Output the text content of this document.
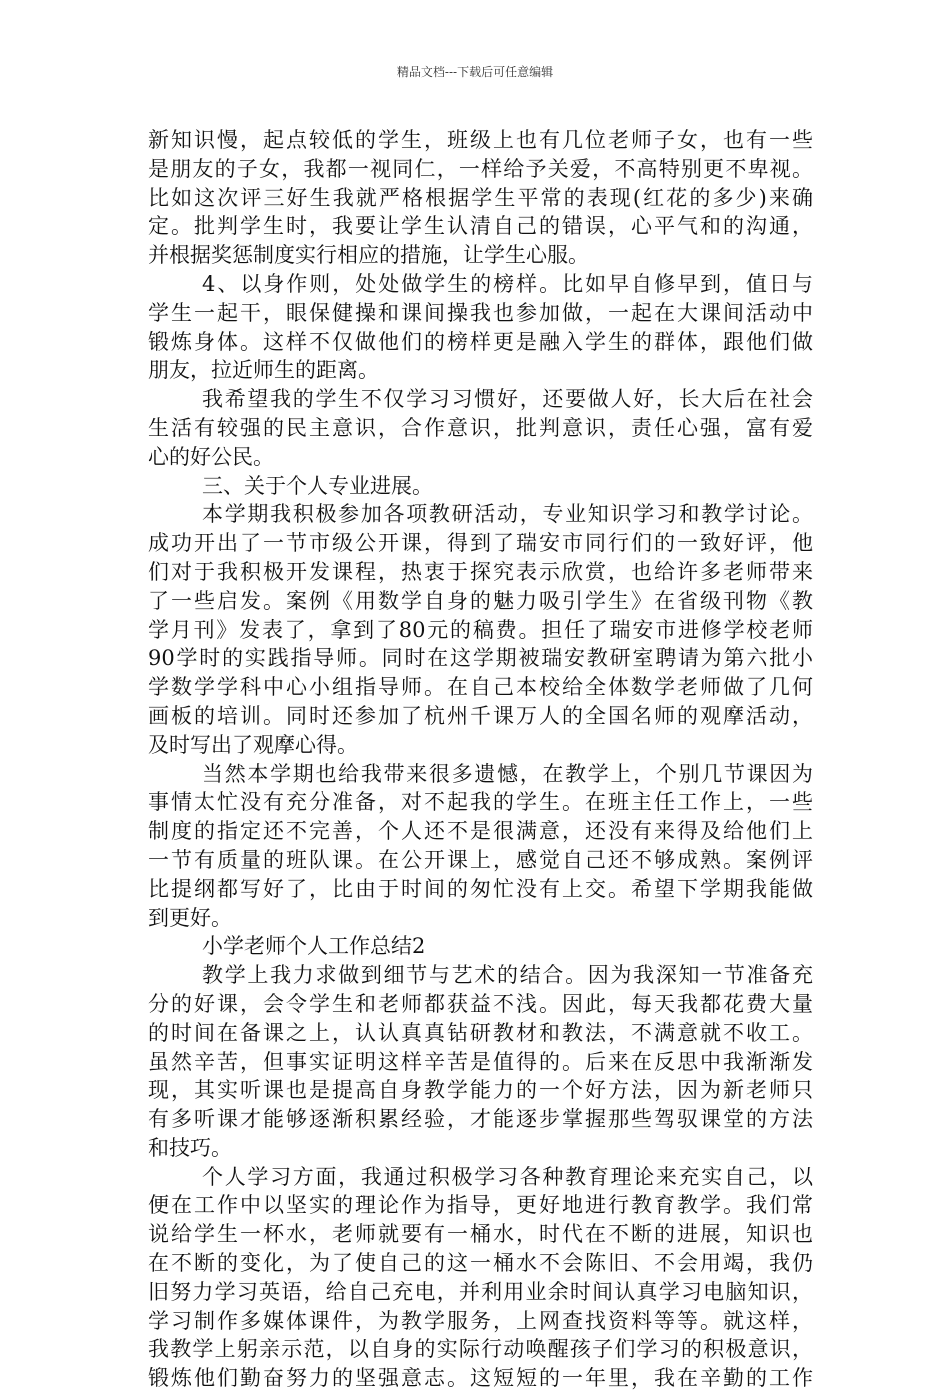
精品文档---下载后可任意编辑
新知识慢，起点较低的学生，班级上也有几位老师子女，也有一些
是朋友的子女，我都一视同仁，一样给予关爱，不高特别更不卑视。
比如这次评三好生我就严格根据学生平常的表现(红花的多少)来确
定。批判学生时，我要让学生认清自己的错误，心平气和的沟通，
并根据奖惩制度实行相应的措施，让学生心服。
4、以身作则，处处做学生的榜样。比如早自修早到，值日与
学生一起干，眼保健操和课间操我也参加做，一起在大课间活动中
锻炼身体。这样不仅做他们的榜样更是融入学生的群体，跟他们做
朋友，拉近师生的距离。
我希望我的学生不仅学习习惯好，还要做人好，长大后在社会
生活有较强的民主意识，合作意识，批判意识，责任心强，富有爱
心的好公民。
三、关于个人专业进展。
本学期我积极参加各项教研活动，专业知识学习和教学讨论。
成功开出了一节市级公开课，得到了瑞安市同行们的一致好评，他
们对于我积极开发课程，热衷于探究表示欣赏，也给许多老师带来
了一些启发。案例《用数学自身的魅力吸引学生》在省级刊物《教
学月刊》发表了，拿到了80元的稿费。担任了瑞安市进修学校老师
90学时的实践指导师。同时在这学期被瑞安教研室聘请为第六批小
学数学学科中心小组指导师。在自己本校给全体数学老师做了几何
画板的培训。同时还参加了杭州千课万人的全国名师的观摩活动，
及时写出了观摩心得。
当然本学期也给我带来很多遗憾，在教学上，个别几节课因为
事情太忙没有充分准备，对不起我的学生。在班主任工作上，一些
制度的指定还不完善，个人还不是很满意，还没有来得及给他们上
一节有质量的班队课。在公开课上，感觉自己还不够成熟。案例评
比提纲都写好了，比由于时间的匆忙没有上交。希望下学期我能做
到更好。
小学老师个人工作总结2
教学上我力求做到细节与艺术的结合。因为我深知一节准备充
分的好课，会令学生和老师都获益不浅。因此，每天我都花费大量
的时间在备课之上，认认真真钻研教材和教法，不满意就不收工。
虽然辛苦，但事实证明这样辛苦是值得的。后来在反思中我渐渐发
现，其实听课也是提高自身教学能力的一个好方法，因为新老师只
有多听课才能够逐渐积累经验，才能逐步掌握那些驾驭课堂的方法
和技巧。
个人学习方面，我通过积极学习各种教育理论来充实自己，以
便在工作中以坚实的理论作为指导，更好地进行教育教学。我们常
说给学生一杯水，老师就要有一桶水，时代在不断的进展，知识也
在不断的变化，为了使自己的这一桶水不会陈旧、不会用竭，我仍
旧努力学习英语，给自己充电，并利用业余时间认真学习电脑知识，
学习制作多媒体课件，为教学服务，上网查找资料等等。就这样，
我教学上躬亲示范，以自身的实际行动唤醒孩子们学习的积极意识，
锻炼他们勤奋努力的坚强意志。这短短的一年里，我在辛勤的工作
